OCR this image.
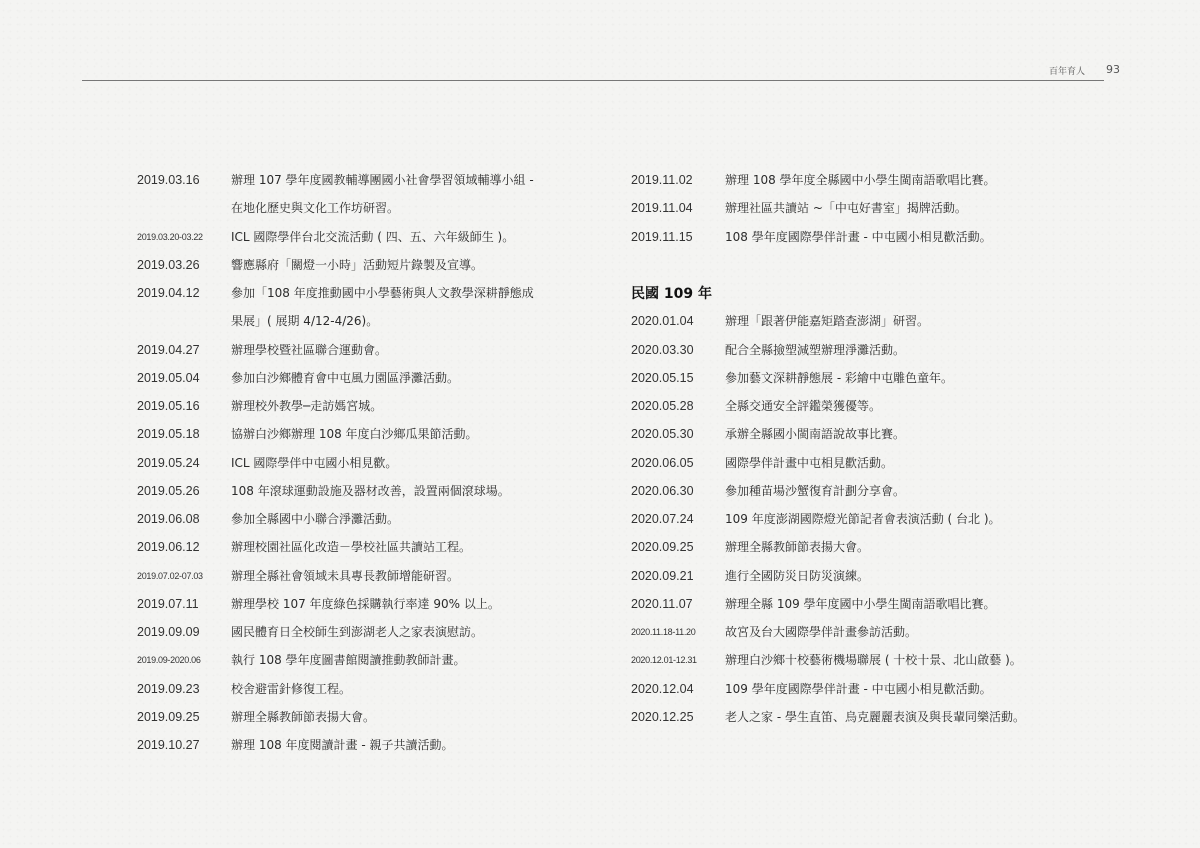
百年育人 93
2019.03.16	辦理 107 學年度國教輔導團國小社會學習領域輔導小組 -
在地化歷史與文化工作坊研習。
2019.03.20-03.22 ICL 國際學伴台北交流活動 ( 四、五、六年級師生 )。
2019.03.26	響應縣府「關燈一小時」活動短片錄製及宣導。
2019.04.12	參加「108 年度推動國中小學藝術與人文教學深耕靜態成
果展」( 展期 4/12-4/26)。
2019.04.27	辦理學校暨社區聯合運動會。
2019.05.04	參加白沙鄉體育會中屯風力園區淨灘活動。
2019.05.16	辦理校外教學─走訪媽宮城。
2019.05.18	協辦白沙鄉辦理 108 年度白沙鄉瓜果節活動。
2019.05.24	ICL 國際學伴中屯國小相見歡。
2019.05.26	108 年滾球運動設施及器材改善，設置兩個滾球場。
2019.06.08	參加全縣國中小聯合淨灘活動。
2019.06.12	辦理校園社區化改造－學校社區共讀站工程。
2019.07.02-07.03 辦理全縣社會領域未具專長教師增能研習。
2019.07.11	辦理學校 107 年度綠色採購執行率達 90% 以上。
2019.09.09	國民體育日全校師生到澎湖老人之家表演慰訪。
2019.09-2020.06	執行 108 學年度圖書館閱讀推動教師計畫。
2019.09.23	校舍避雷針修復工程。
2019.09.25	辦理全縣教師節表揚大會。
2019.10.27	辦理 108 年度閱讀計畫 - 親子共讀活動。
2019.11.02	辦理 108 學年度全縣國中小學生閩南語歌唱比賽。
2019.11.04	辦理社區共讀站 ~「中屯好書室」揭牌活動。
2019.11.15	108 學年度國際學伴計畫 - 中屯國小相見歡活動。
民國 109 年
2020.01.04	辦理「跟著伊能嘉矩踏查澎湖」研習。
2020.03.30	配合全縣撿塑減塑辦理淨灘活動。
2020.05.15	參加藝文深耕靜態展 - 彩繪中屯雕色童年。
2020.05.28	全縣交通安全評鑑榮獲優等。
2020.05.30	承辦全縣國小閩南語說故事比賽。
2020.06.05	國際學伴計畫中屯相見歡活動。
2020.06.30	參加種苗場沙蟹復育計劃分享會。
2020.07.24	109 年度澎湖國際燈光節記者會表演活動 ( 台北 )。
2020.09.25	辦理全縣教師節表揚大會。
2020.09.21	進行全國防災日防災演練。
2020.11.07	辦理全縣 109 學年度國中小學生閩南語歌唱比賽。
2020.11.18-11.20 故宮及台大國際學伴計畫參訪活動。
2020.12.01-12.31 辦理白沙鄉十校藝術機場聯展 ( 十校十景、北山啟藝 )。
2020.12.04	109 學年度國際學伴計畫 - 中屯國小相見歡活動。
2020.12.25	老人之家 - 學生直笛、烏克麗麗表演及與長輩同樂活動。
